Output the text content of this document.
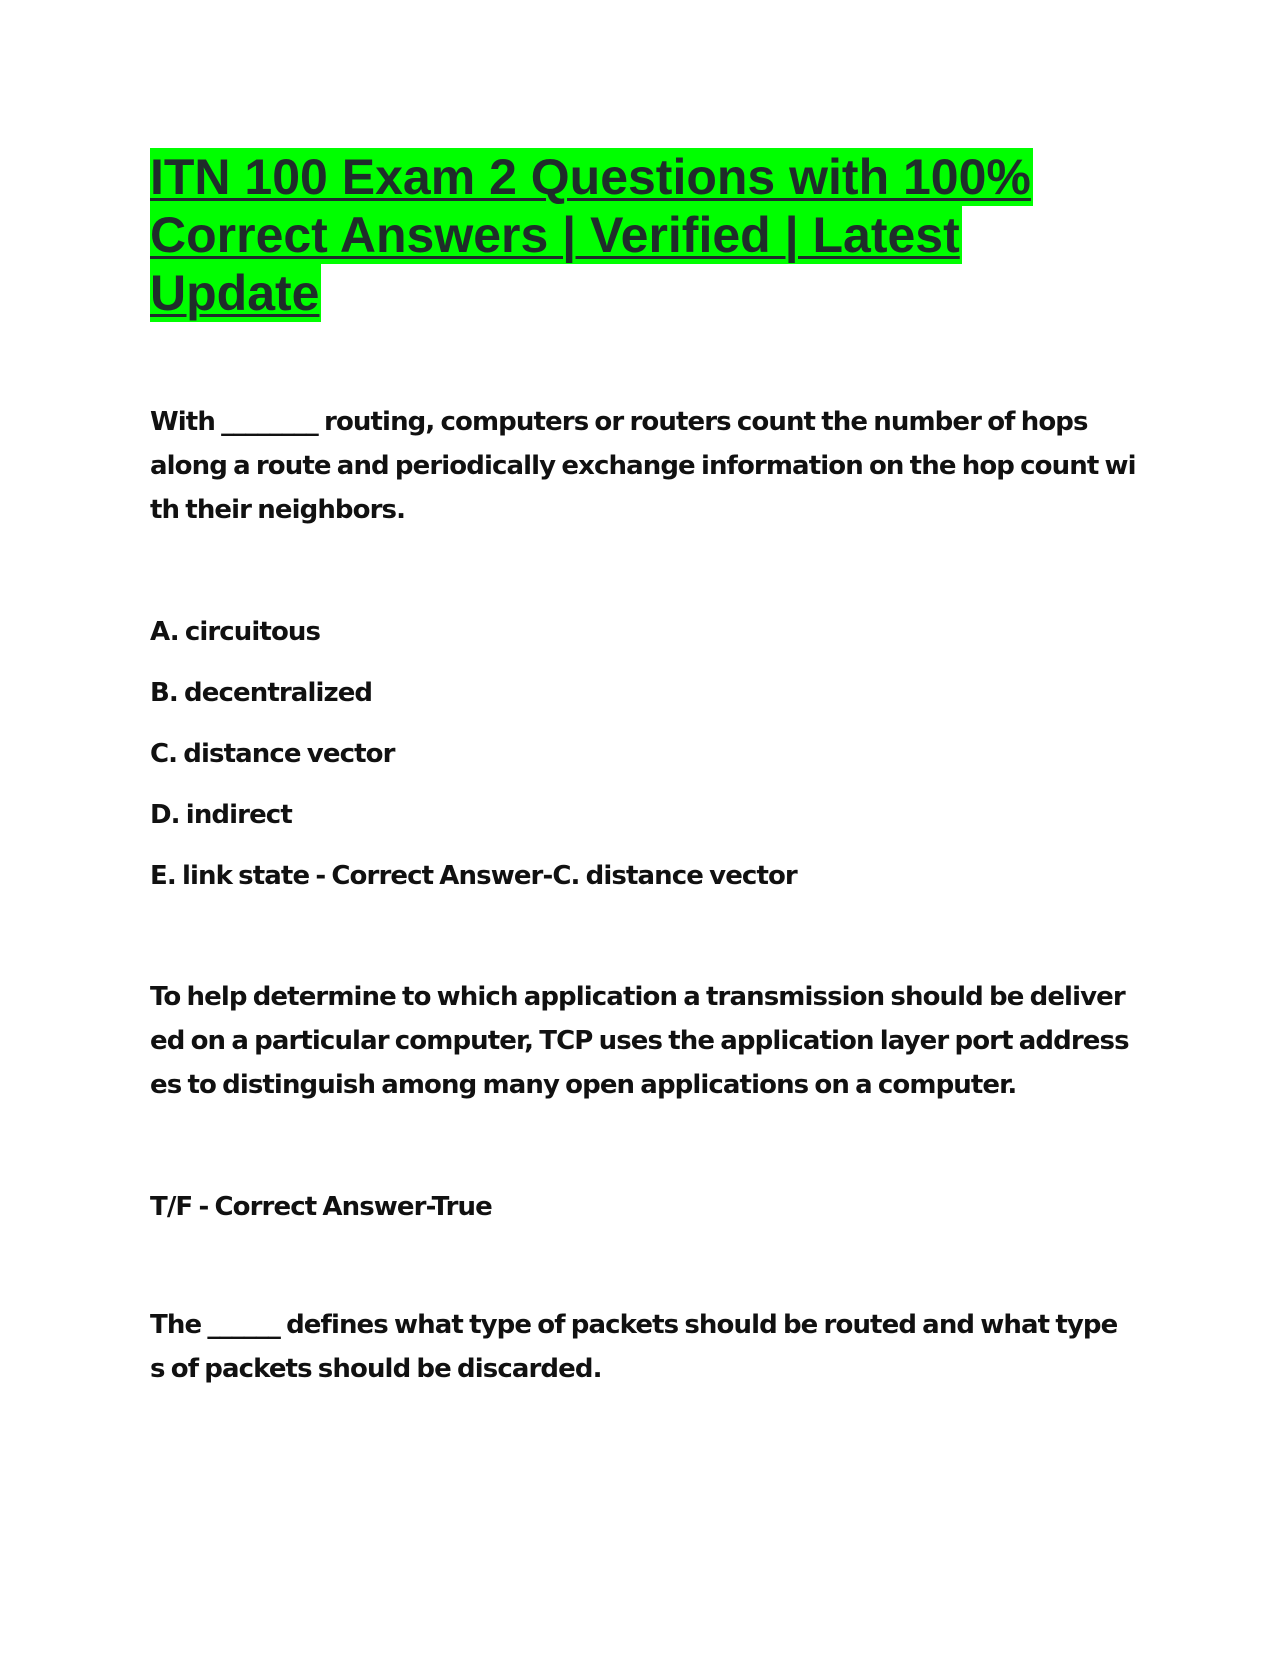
ITN 100 Exam 2 Questions with 100%
Correct Answers | Verified | Latest
Update
With ________ routing, computers or routers count the number of hops
along a route and periodically exchange information on the hop count wi
th their neighbors.
A. circuitous
B. decentralized
C. distance vector
D. indirect
E. link state - Correct Answer-C. distance vector
To help determine to which application a transmission should be deliver
ed on a particular computer, TCP uses the application layer port address
es to distinguish among many open applications on a computer.
T/F - Correct Answer-True
The ______ defines what type of packets should be routed and what type
s of packets should be discarded.
